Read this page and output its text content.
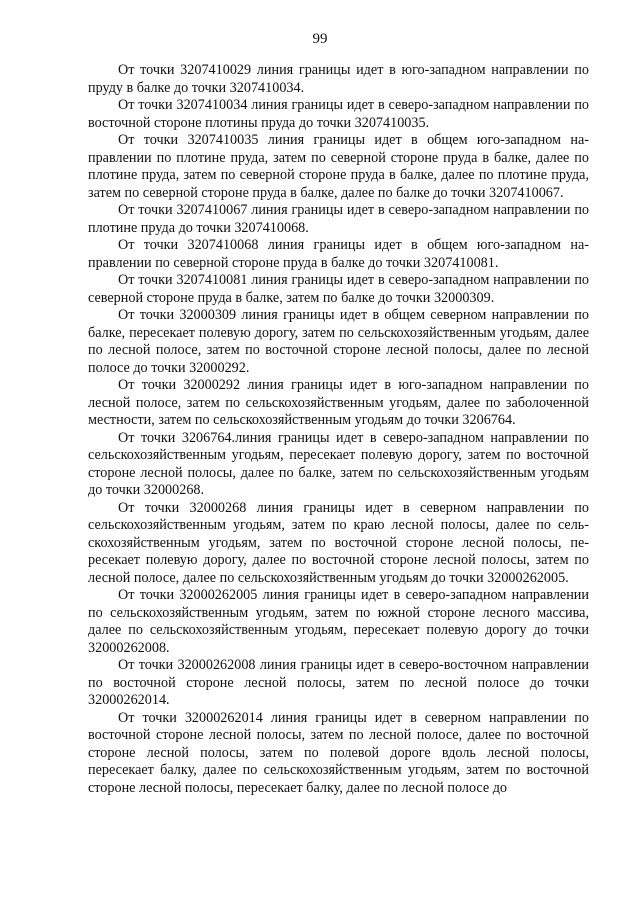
99

От точки 3207410029 линия границы идет в юго-западном направлении по пруду в балке до точки 3207410034.

От точки 3207410034 линия границы идет в северо-западном направлении по восточной стороне плотины пруда до точки 3207410035.

От точки 3207410035 линия границы идет в общем юго-западном направлении по плотине пруда, затем по северной стороне пруда в балке, далее по плотине пруда, затем по северной стороне пруда в балке, далее по плотине пруда, затем по северной стороне пруда в балке, далее по балке до точки 3207410067.

От точки 3207410067 линия границы идет в северо-западном направлении по плотине пруда до точки 3207410068.

От точки 3207410068 линия границы идет в общем юго-западном направлении по северной стороне пруда в балке до точки 3207410081.

От точки 3207410081 линия границы идет в северо-западном направлении по северной стороне пруда в балке, затем по балке до точки 32000309.

От точки 32000309 линия границы идет в общем северном направлении по балке, пересекает полевую дорогу, затем по сельскохозяйственным угодьям, далее по лесной полосе, затем по восточной стороне лесной полосы, далее по лесной полосе до точки 32000292.

От точки 32000292 линия границы идет в юго-западном направлении по лесной полосе, затем по сельскохозяйственным угодьям, далее по заболоченной местности, затем по сельскохозяйственным угодьям до точки 3206764.

От точки 3206764.линия границы идет в северо-западном направлении по сельскохозяйственным угодьям, пересекает полевую дорогу, затем по восточной стороне лесной полосы, далее по балке, затем по сельскохозяйственным угодьям до точки 32000268.

От точки 32000268 линия границы идет в северном направлении по сельскохозяйственным угодьям, затем по краю лесной полосы, далее по сельскохозяйственным угодьям, затем по восточной стороне лесной полосы, пересекает полевую дорогу, далее по восточной стороне лесной полосы, затем по лесной полосе, далее по сельскохозяйственным угодьям до точки 32000262005.

От точки 32000262005 линия границы идет в северо-западном направлении по сельскохозяйственным угодьям, затем по южной стороне лесного массива, далее по сельскохозяйственным угодьям, пересекает полевую дорогу до точки 32000262008.

От точки 32000262008 линия границы идет в северо-восточном направлении по восточной стороне лесной полосы, затем по лесной полосе до точки 32000262014.

От точки 32000262014 линия границы идет в северном направлении по восточной стороне лесной полосы, затем по лесной полосе, далее по восточной стороне лесной полосы, затем по полевой дороге вдоль лесной полосы, пересекает балку, далее по сельскохозяйственным угодьям, затем по восточной стороне лесной полосы, пересекает балку, далее по лесной полосе до
